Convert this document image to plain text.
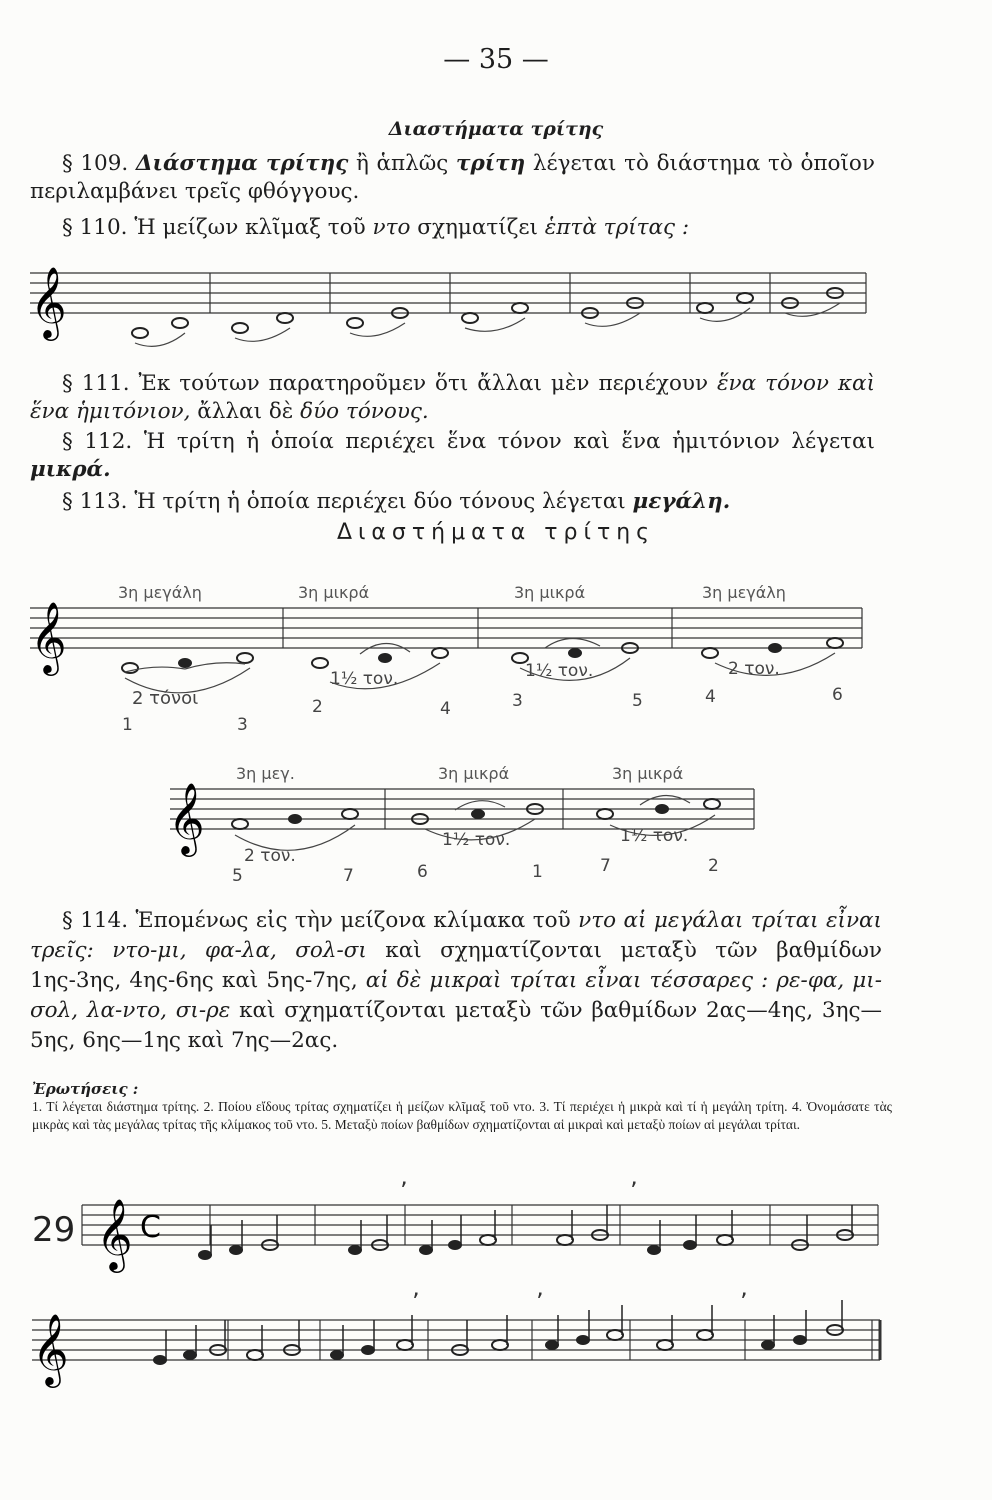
— 35 —
Διαστήματα τρίτης
§ 109. Διάστημα τρίτης ἢ ἁπλῶς τρίτη λέγεται τὸ διάστημα τὸ ὁποῖον περιλαμβάνει τρεῖς φθόγγους.
§ 110. Ἡ μείζων κλῖμαξ τοῦ ντο σχηματίζει ἑπτὰ τρίτας :
𝄞
§ 111. Ἐκ τούτων παρατηροῦμεν ὅτι ἄλλαι μὲν περιέχουν ἕνα τόνον καὶ ἕνα ἡμιτόνιον, ἄλλαι δὲ δύο τόνους.
§ 112. Ἡ τρίτη ἡ ὁποία περιέχει ἕνα τόνον καὶ ἕνα ἡμιτόνιον λέγεται μικρά.
§ 113. Ἡ τρίτη ἡ ὁποία περιέχει δύο τόνους λέγεται μεγάλη.
Διαστήματα τρίτης
3η μεγάλη	3η μικρά	3η μικρά	3η μεγάλη
𝄞
2 τόνοι
1½ τον.	1½ τον.	2 τον.
1	3
2	4	3	5	4	6
3η μεγ.	3η μικρά	3η μικρά
𝄞
2 τον.
1½ τον.	1½ τον.
5	7	6	1	7	2
§ 114. Ἑπομένως εἰς τὴν μείζονα κλίμακα τοῦ ντο αἱ μεγάλαι τρίται εἶναι τρεῖς: ντο-μι, φα-λα, σολ-σι καὶ σχηματίζονται μεταξὺ τῶν βαθμίδων 1ης-3ης, 4ης-6ης καὶ 5ης-7ης, αἱ δὲ μικραὶ τρίται εἶναι τέσσαρες : ρε-φα, μι-σολ, λα-ντο, σι-ρε καὶ σχηματίζονται μεταξὺ τῶν βαθμίδων 2ας—4ης, 3ης—5ης, 6ης—1ης καὶ 7ης—2ας.
Ἐρωτήσεις :
1. Τί λέγεται διάστημα τρίτης. 2. Ποίου εἴδους τρίτας σχηματίζει ἡ μείζων κλῖμαξ τοῦ ντο. 3. Τί περιέχει ἡ μικρὰ καὶ τί ἡ μεγάλη τρίτη. 4. Ὀνομάσατε τὰς μικρὰς καὶ τὰς μεγάλας τρίτας τῆς κλίμακος τοῦ ντο. 5. Μεταξὺ ποίων βαθμίδων σχηματίζονται αἱ μικραὶ καὶ μεταξὺ ποίων αἱ μεγάλαι τρίται.
29 𝄞 C
’	’
𝄞
’	’	’
